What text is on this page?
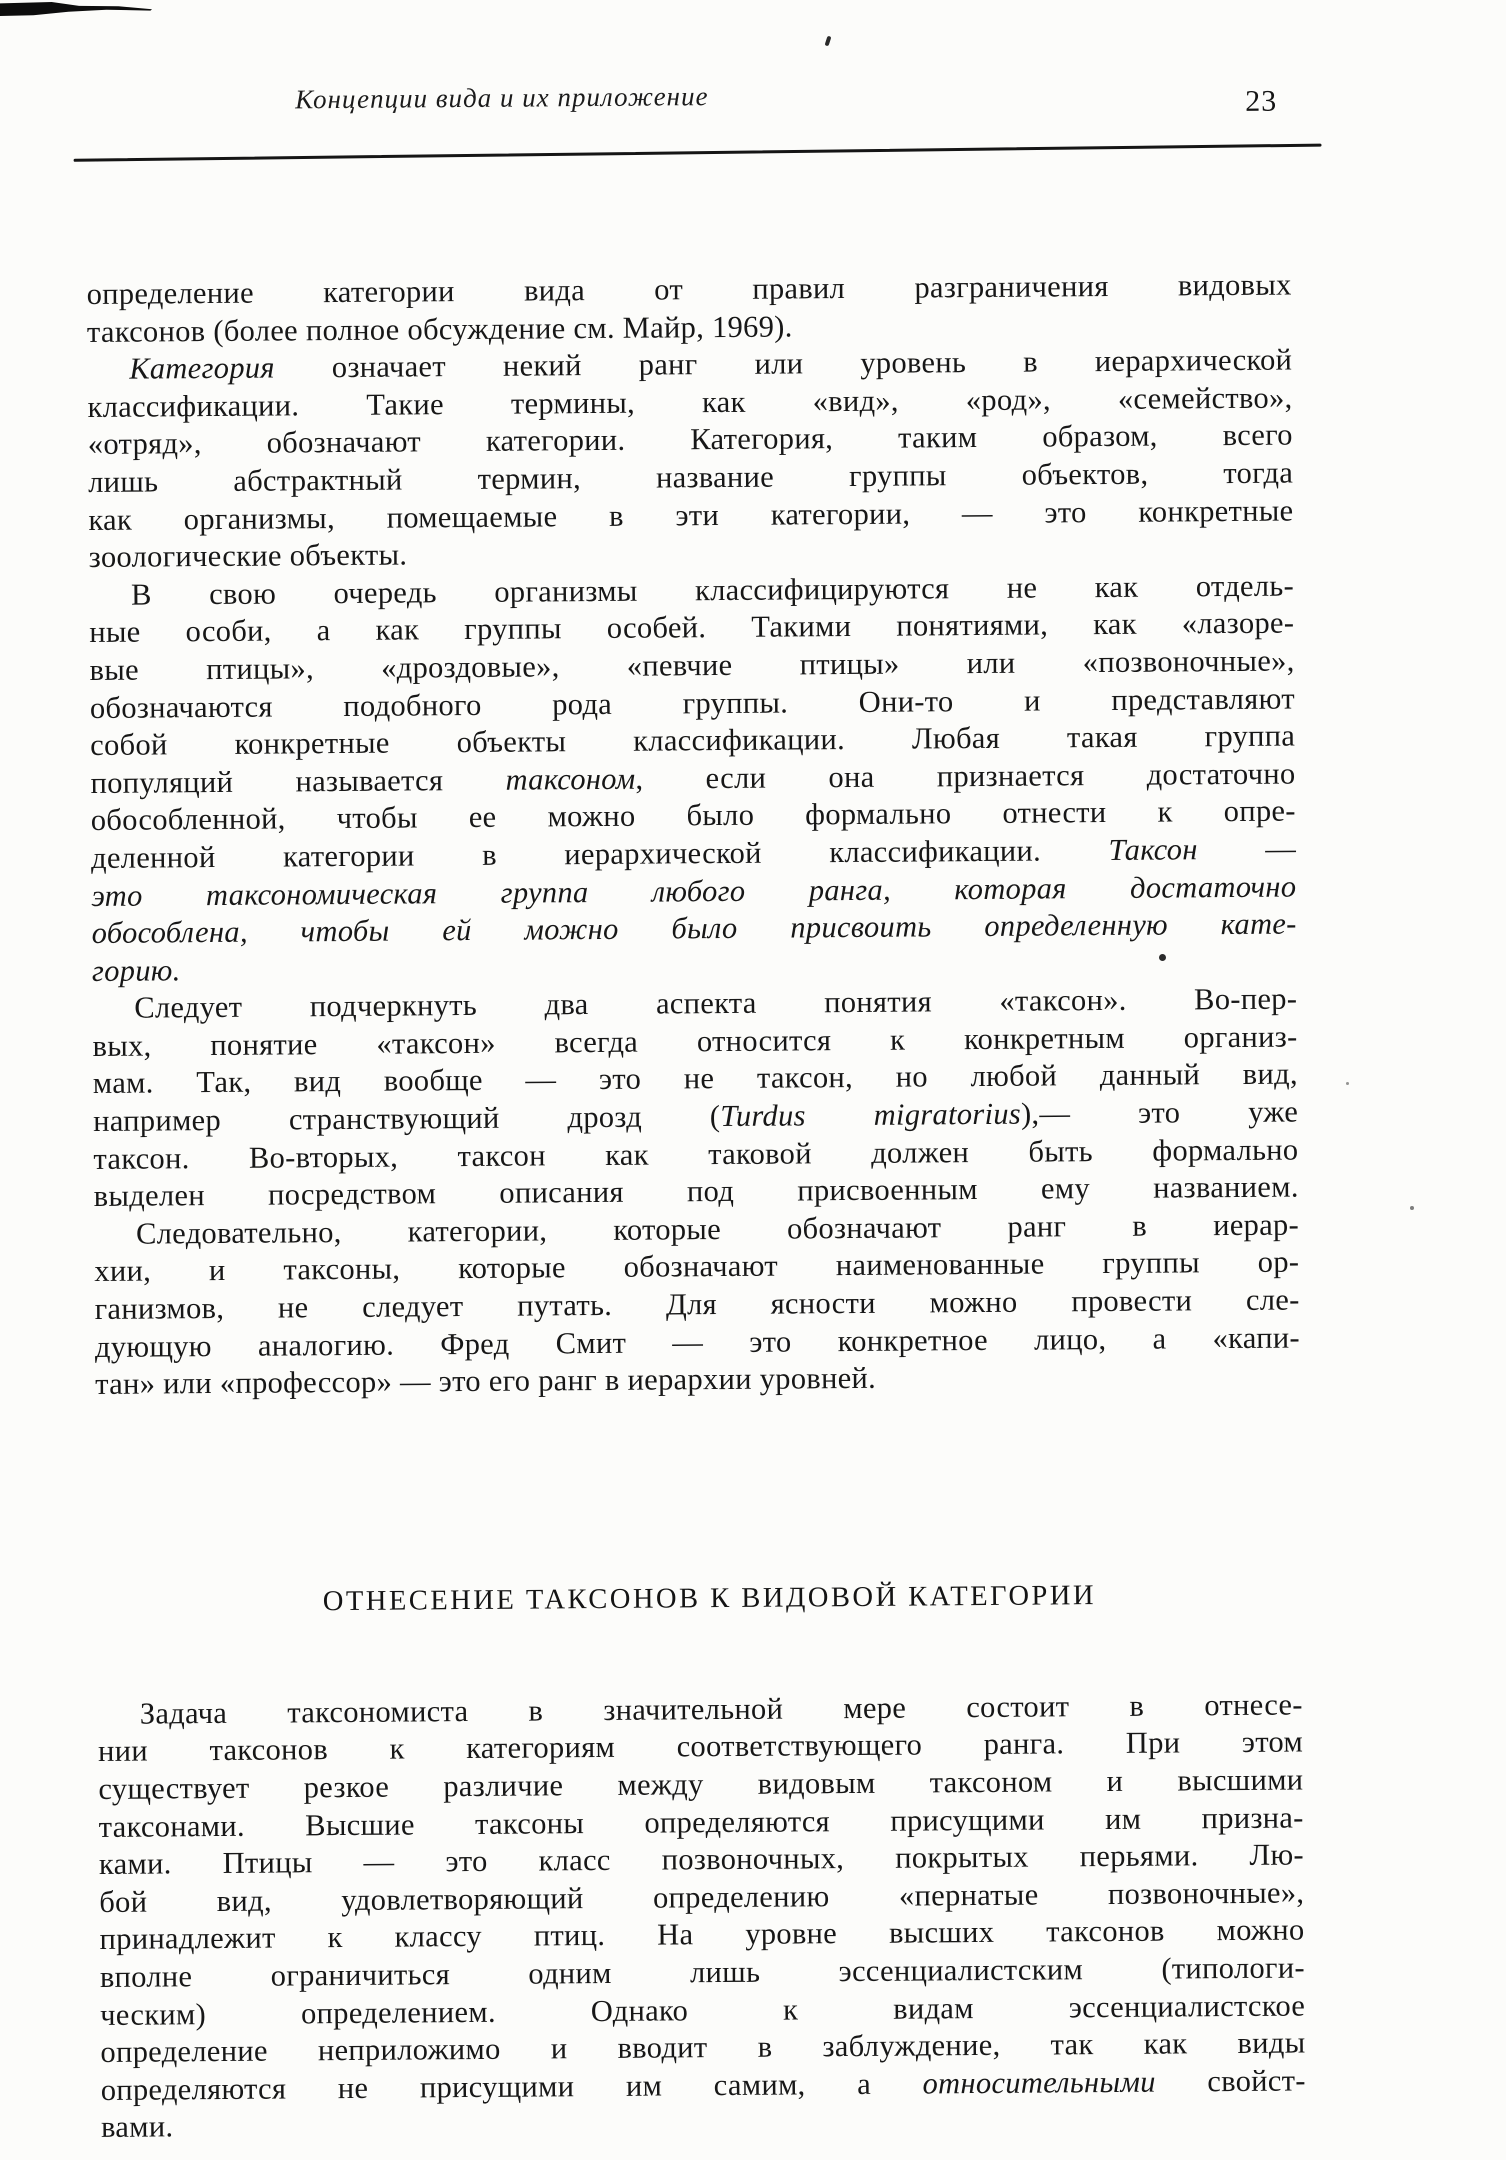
Концепции вида и их приложение	23
определение категории вида от правил разграничения видовых
таксонов (более полное обсуждение см. Майр, 1969).
Категория означает некий ранг или уровень в иерархической
классификации. Такие термины, как «вид», «род», «семейство»,
«отряд», обозначают категории. Категория, таким образом, всего
лишь абстрактный термин, название группы объектов, тогда
как организмы, помещаемые в эти категории, — это конкретные
зоологические объекты.
В свою очередь организмы классифицируются не как отдель-
ные особи, а как группы особей. Такими понятиями, как «лазоре-
вые птицы», «дроздовые», «певчие птицы» или «позвоночные»,
обозначаются подобного рода группы. Они-то и представляют
собой конкретные объекты классификации. Любая такая группа
популяций называется таксоном, если она признается достаточно
обособленной, чтобы ее можно было формально отнести к опре-
деленной категории в иерархической классификации. Таксон —
это таксономическая группа любого ранга, которая достаточно
обособлена, чтобы ей можно было присвоить определенную кате-
горию.
Следует подчеркнуть два аспекта понятия «таксон». Во-пер-
вых, понятие «таксон» всегда относится к конкретным организ-
мам. Так, вид вообще — это не таксон, но любой данный вид,
например странствующий дрозд (Turdus migratorius),— это уже
таксон. Во-вторых, таксон как таковой должен быть формально
выделен посредством описания под присвоенным ему названием.
Следовательно, категории, которые обозначают ранг в иерар-
хии, и таксоны, которые обозначают наименованные группы ор-
ганизмов, не следует путать. Для ясности можно провести сле-
дующую аналогию. Фред Смит — это конкретное лицо, а «капи-
тан» или «профессор» — это его ранг в иерархии уровней.
ОТНЕСЕНИЕ ТАКСОНОВ К ВИДОВОЙ КАТЕГОРИИ
Задача таксономиста в значительной мере состоит в отнесе-
нии таксонов к категориям соответствующего ранга. При этом
существует резкое различие между видовым таксоном и высшими
таксонами. Высшие таксоны определяются присущими им призна-
ками. Птицы — это класс позвоночных, покрытых перьями. Лю-
бой вид, удовлетворяющий определению «пернатые позвоночные»,
принадлежит к классу птиц. На уровне высших таксонов можно
вполне ограничиться одним лишь эссенциалистским (типологи-
ческим) определением. Однако к видам эссенциалистское
определение неприложимо и вводит в заблуждение, так как виды
определяются не присущими им самим, а относительными свойст-
вами.
